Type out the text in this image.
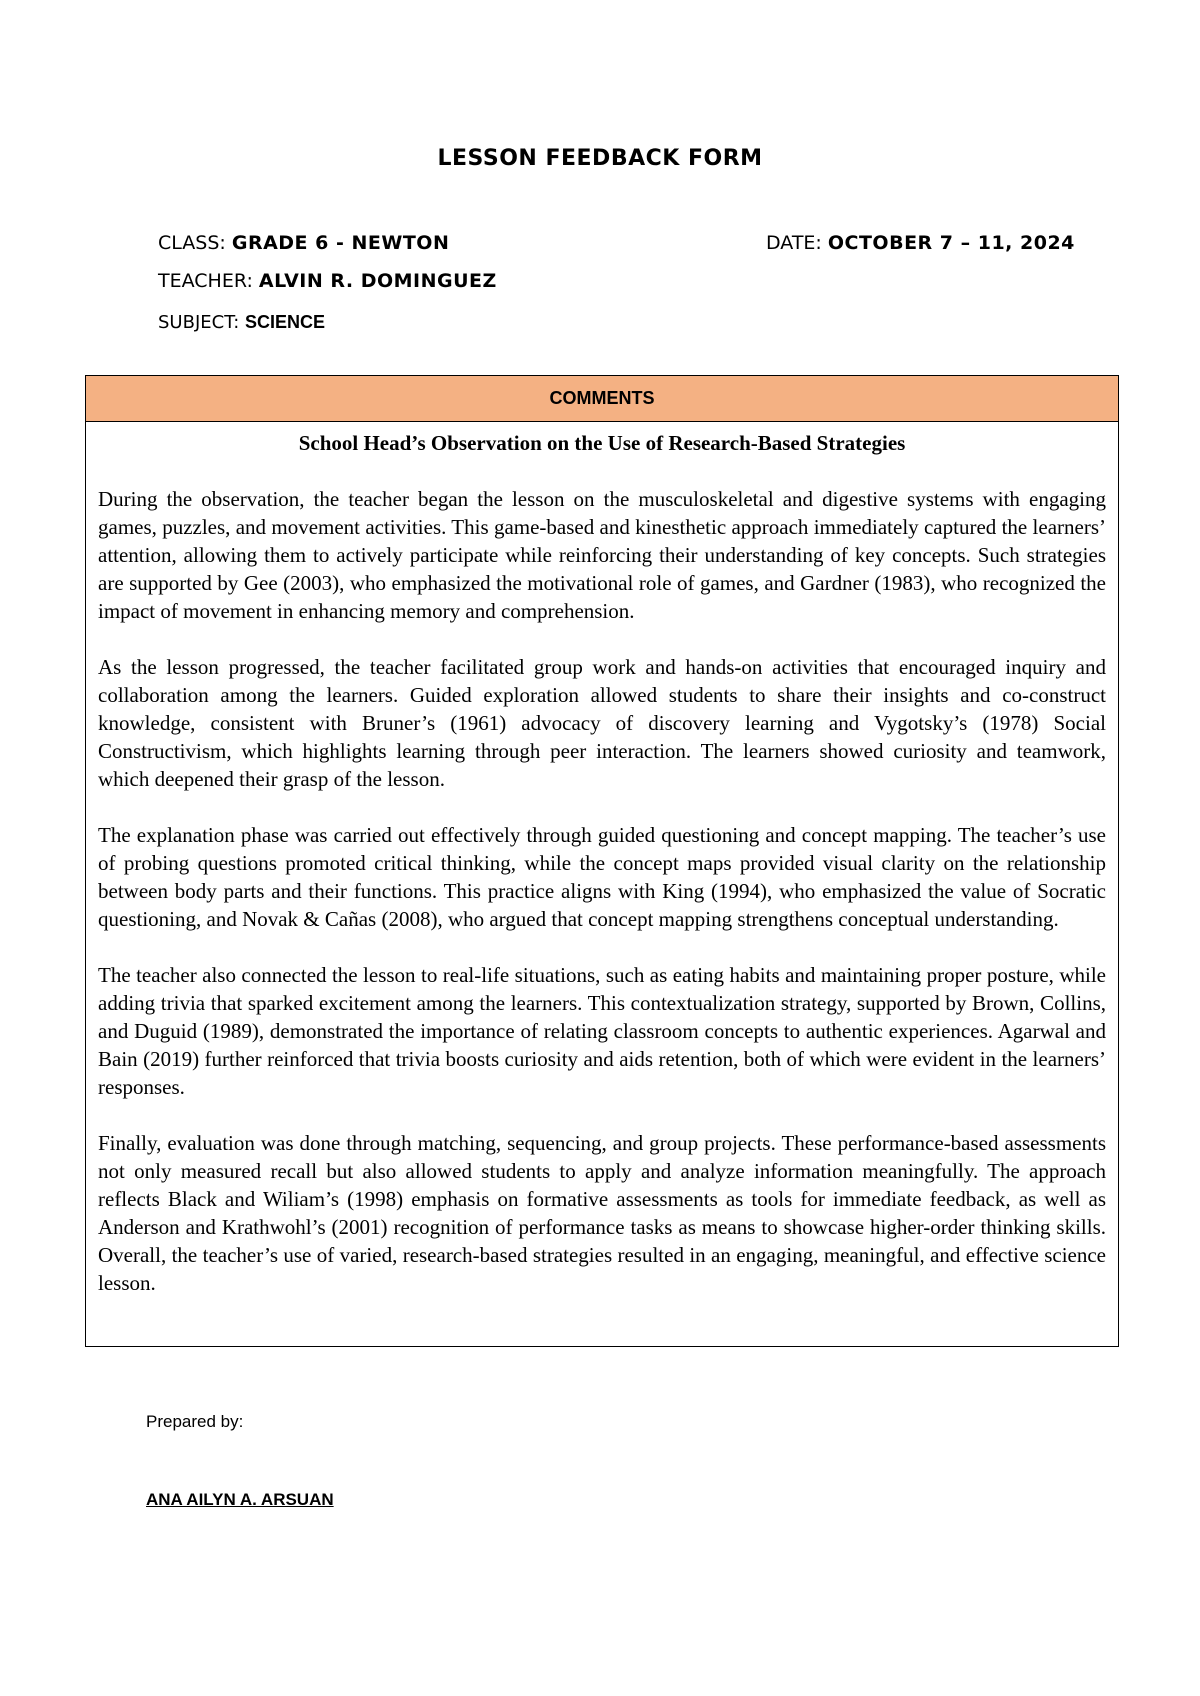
LESSON FEEDBACK FORM
CLASS: GRADE 6 - NEWTON	DATE: OCTOBER 7 – 11, 2024
TEACHER: ALVIN R. DOMINGUEZ
SUBJECT: SCIENCE
COMMENTS
School Head’s Observation on the Use of Research-Based Strategies

During the observation, the teacher began the lesson on the musculoskeletal and digestive systems with engaging games, puzzles, and movement activities. This game-based and kinesthetic approach immediately captured the learners’ attention, allowing them to actively participate while reinforcing their understanding of key concepts. Such strategies are supported by Gee (2003), who emphasized the motivational role of games, and Gardner (1983), who recognized the impact of movement in enhancing memory and comprehension.

As the lesson progressed, the teacher facilitated group work and hands-on activities that encouraged inquiry and collaboration among the learners. Guided exploration allowed students to share their insights and co-construct knowledge, consistent with Bruner’s (1961) advocacy of discovery learning and Vygotsky’s (1978) Social Constructivism, which highlights learning through peer interaction. The learners showed curiosity and teamwork, which deepened their grasp of the lesson.

The explanation phase was carried out effectively through guided questioning and concept mapping. The teacher’s use of probing questions promoted critical thinking, while the concept maps provided visual clarity on the relationship between body parts and their functions. This practice aligns with King (1994), who emphasized the value of Socratic questioning, and Novak & Cañas (2008), who argued that concept mapping strengthens conceptual understanding.

The teacher also connected the lesson to real-life situations, such as eating habits and maintaining proper posture, while adding trivia that sparked excitement among the learners. This contextualization strategy, supported by Brown, Collins, and Duguid (1989), demonstrated the importance of relating classroom concepts to authentic experiences. Agarwal and Bain (2019) further reinforced that trivia boosts curiosity and aids retention, both of which were evident in the learners’ responses.

Finally, evaluation was done through matching, sequencing, and group projects. These performance-based assessments not only measured recall but also allowed students to apply and analyze information meaningfully. The approach reflects Black and Wiliam’s (1998) emphasis on formative assessments as tools for immediate feedback, as well as Anderson and Krathwohl’s (2001) recognition of performance tasks as means to showcase higher-order thinking skills. Overall, the teacher’s use of varied, research-based strategies resulted in an engaging, meaningful, and effective science lesson.

Prepared by:
ANA AILYN A. ARSUAN
